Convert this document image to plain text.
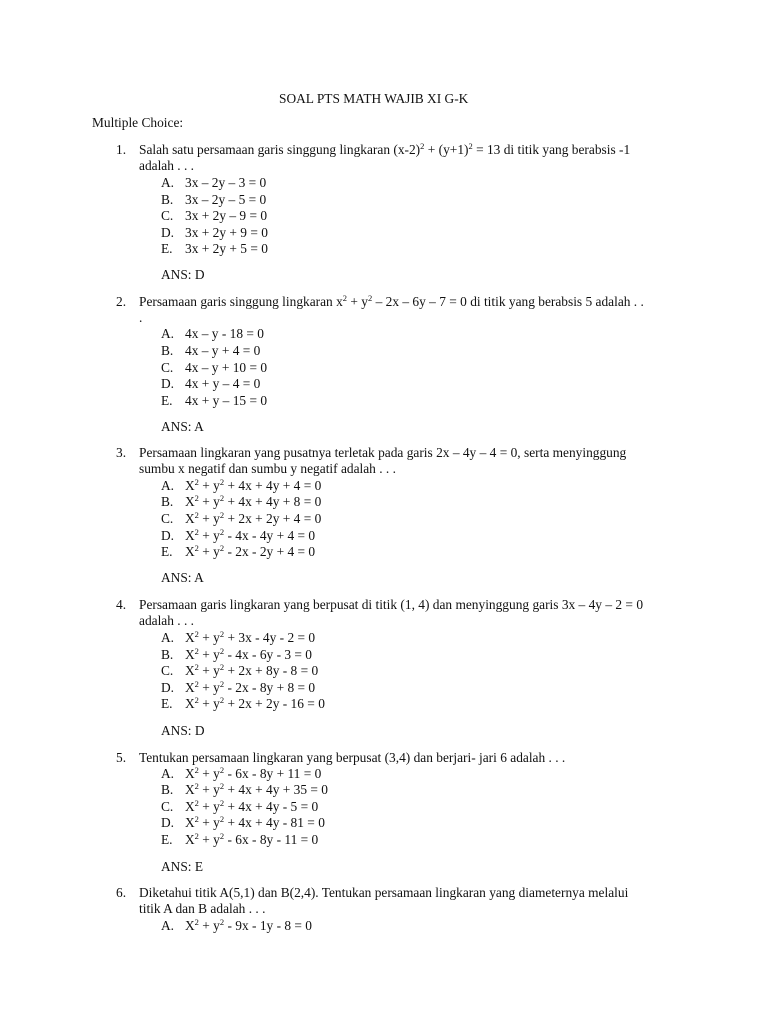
SOAL PTS MATH WAJIB XI G-K
Multiple Choice:
1. Salah satu persamaan garis singgung lingkaran $(x-2)^2 + (y+1)^2 = 13$ di titik yang berabsis -1
adalah . . .
A. 3x – 2y – 3 = 0
B. 3x – 2y – 5 = 0
C. 3x + 2y – 9 = 0
D. 3x + 2y + 9 = 0
E. 3x + 2y + 5 = 0
ANS: D
2. Persamaan garis singgung lingkaran $x^2 + y^2 - 2x - 6y - 7 = 0$ di titik yang berabsis 5 adalah . .
.
A. 4x – y - 18 = 0
B. 4x – y + 4 = 0
C. 4x – y + 10 = 0
D. 4x + y – 4 = 0
E. 4x + y – 15 = 0
ANS: A
3. Persamaan lingkaran yang pusatnya terletak pada garis 2x – 4y – 4 = 0, serta menyinggung
sumbu x negatif dan sumbu y negatif adalah . . .
A. $X^2 + y^2 + 4x + 4y + 4 = 0$
B. $X^2 + y^2 + 4x + 4y + 8 = 0$
C. $X^2 + y^2 + 2x + 2y + 4 = 0$
D. $X^2 + y^2 - 4x - 4y + 4 = 0$
E. $X^2 + y^2 - 2x - 2y + 4 = 0$
ANS: A
4. Persamaan garis lingkaran yang berpusat di titik (1, 4) dan menyinggung garis 3x – 4y – 2 = 0
adalah . . .
A. $X^2 + y^2 + 3x - 4y - 2 = 0$
B. $X^2 + y^2 - 4x - 6y - 3 = 0$
C. $X^2 + y^2 + 2x + 8y - 8 = 0$
D. $X^2 + y^2 - 2x - 8y + 8 = 0$
E. $X^2 + y^2 + 2x + 2y - 16 = 0$
ANS: D
5. Tentukan persamaan lingkaran yang berpusat (3,4) dan berjari- jari 6 adalah . . .
A. $X^2 + y^2 - 6x - 8y + 11 = 0$
B. $X^2 + y^2 + 4x + 4y + 35 = 0$
C. $X^2 + y^2 + 4x + 4y - 5 = 0$
D. $X^2 + y^2 + 4x + 4y - 81 = 0$
E. $X^2 + y^2 - 6x - 8y - 11 = 0$
ANS: E
6. Diketahui titik A(5,1) dan B(2,4). Tentukan persamaan lingkaran yang diameternya melalui
titik A dan B adalah . . .
A. $X^2 + y^2 - 9x - 1y - 8 = 0$
